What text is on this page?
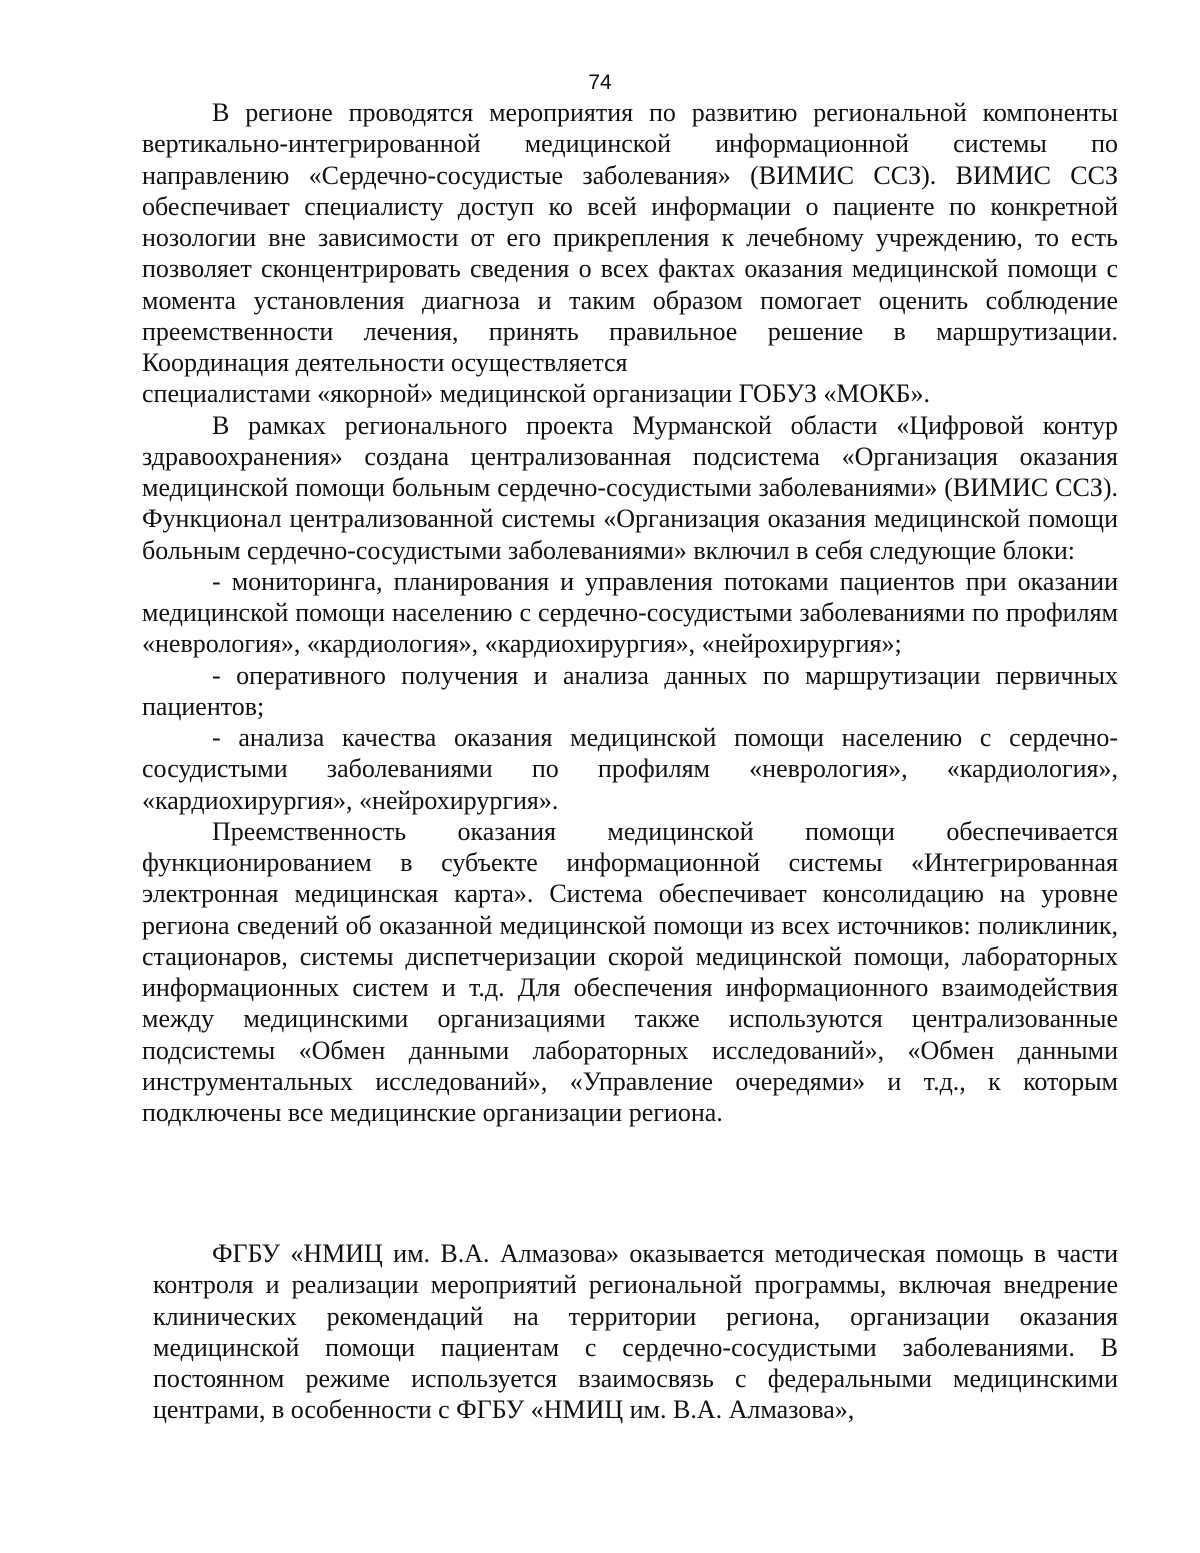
74

В регионе проводятся мероприятия по развитию региональной компоненты вертикально-интегрированной медицинской информационной системы по направлению «Сердечно-сосудистые заболевания» (ВИМИС ССЗ). ВИМИС ССЗ обеспечивает специалисту доступ ко всей информации о пациенте по конкретной нозологии вне зависимости от его прикрепления к лечебному учреждению, то есть позволяет сконцентрировать сведения о всех фактах оказания медицинской помощи с момента установления диагноза и таким образом помогает оценить соблюдение преемственности лечения, принять правильное решение в маршрутизации. Координация деятельности осуществляется

специалистами «якорной» медицинской организации ГОБУЗ «МОКБ».

В рамках регионального проекта Мурманской области «Цифровой контур здравоохранения» создана централизованная подсистема «Организация оказания медицинской помощи больным сердечно-сосудистыми заболеваниями» (ВИМИС ССЗ). Функционал централизованной системы «Организация оказания медицинской помощи больным сердечно-сосудистыми заболеваниями» включил в себя следующие блоки:

- мониторинга, планирования и управления потоками пациентов при оказании медицинской помощи населению с сердечно-сосудистыми заболеваниями по профилям «неврология», «кардиология», «кардиохирургия», «нейрохирургия»;

- оперативного получения и анализа данных по маршрутизации первичных пациентов;

- анализа качества оказания медицинской помощи населению с сердечно-сосудистыми заболеваниями по профилям «неврология», «кардиология», «кардиохирургия», «нейрохирургия».

Преемственность оказания медицинской помощи обеспечивается функционированием в субъекте информационной системы «Интегрированная электронная медицинская карта». Система обеспечивает консолидацию на уровне региона сведений об оказанной медицинской помощи из всех источников: поликлиник, стационаров, системы диспетчеризации скорой медицинской помощи, лабораторных информационных систем и т.д. Для обеспечения информационного взаимодействия между медицинскими организациями также используются централизованные подсистемы «Обмен данными лабораторных исследований», «Обмен данными инструментальных исследований», «Управление очередями» и т.д., к которым подключены все медицинские организации региона.

ФГБУ «НМИЦ им. В.А. Алмазова» оказывается методическая помощь в части контроля и реализации мероприятий региональной программы, включая внедрение клинических рекомендаций на территории региона, организации оказания медицинской помощи пациентам с сердечно-сосудистыми заболеваниями. В постоянном режиме используется взаимосвязь с федеральными медицинскими центрами, в особенности с ФГБУ «НМИЦ им. В.А. Алмазова»,
